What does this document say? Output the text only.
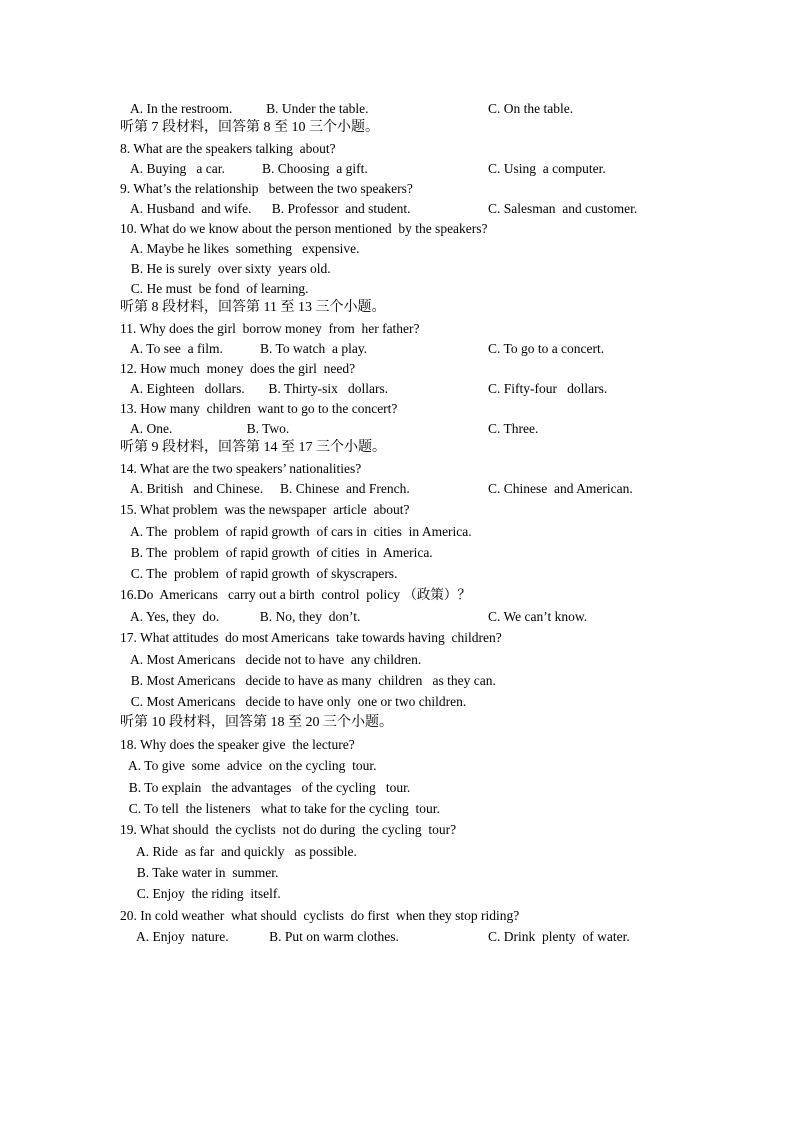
A. In the restroom.          B. Under the table.	C. On the table.
听第 7 段材料，回答第 8 至 10 三个小题。
8. What are the speakers talking  about?
A. Buying   a car.           B. Choosing  a gift.	C. Using  a computer.
9. What’s the relationship   between the two speakers?
A. Husband  and wife.      B. Professor  and student.	C. Salesman  and customer.
10. What do we know about the person mentioned  by the speakers?
A. Maybe he likes  something   expensive.
B. He is surely  over sixty  years old.
C. He must  be fond  of learning.
听第 8 段材料，回答第 11 至 13 三个小题。
11. Why does the girl  borrow money  from  her father?
A. To see  a film.           B. To watch  a play.	C. To go to a concert.
12. How much  money  does the girl  need?
A. Eighteen   dollars.       B. Thirty-six   dollars.	C. Fifty-four   dollars.
13. How many  children  want to go to the concert?
A. One.                      B. Two.	C. Three.
听第 9 段材料，回答第 14 至 17 三个小题。
14. What are the two speakers’ nationalities?
A. British   and Chinese.     B. Chinese  and French.	C. Chinese  and American.
15. What problem  was the newspaper  article  about?
A. The  problem  of rapid growth  of cars in  cities  in America.
B. The  problem  of rapid growth  of cities  in  America.
C. The  problem  of rapid growth  of skyscrapers.
16.Do  Americans   carry out a birth  control  policy （政策）？
A. Yes, they  do.            B. No, they  don’t.	C. We can’t know.
17. What attitudes  do most Americans  take towards having  children?
A. Most Americans   decide not to have  any children.
B. Most Americans   decide to have as many  children   as they can.
C. Most Americans   decide to have only  one or two children.
听第 10 段材料，回答第 18 至 20 三个小题。
18. Why does the speaker give  the lecture?
A. To give  some  advice  on the cycling  tour.
B. To explain   the advantages   of the cycling   tour.
C. To tell  the listeners   what to take for the cycling  tour.
19. What should  the cyclists  not do during  the cycling  tour?
A. Ride  as far  and quickly   as possible.
B. Take water in  summer.
C. Enjoy  the riding  itself.
20. In cold weather  what should  cyclists  do first  when they stop riding?
A. Enjoy  nature.            B. Put on warm clothes.	C. Drink  plenty  of water.
